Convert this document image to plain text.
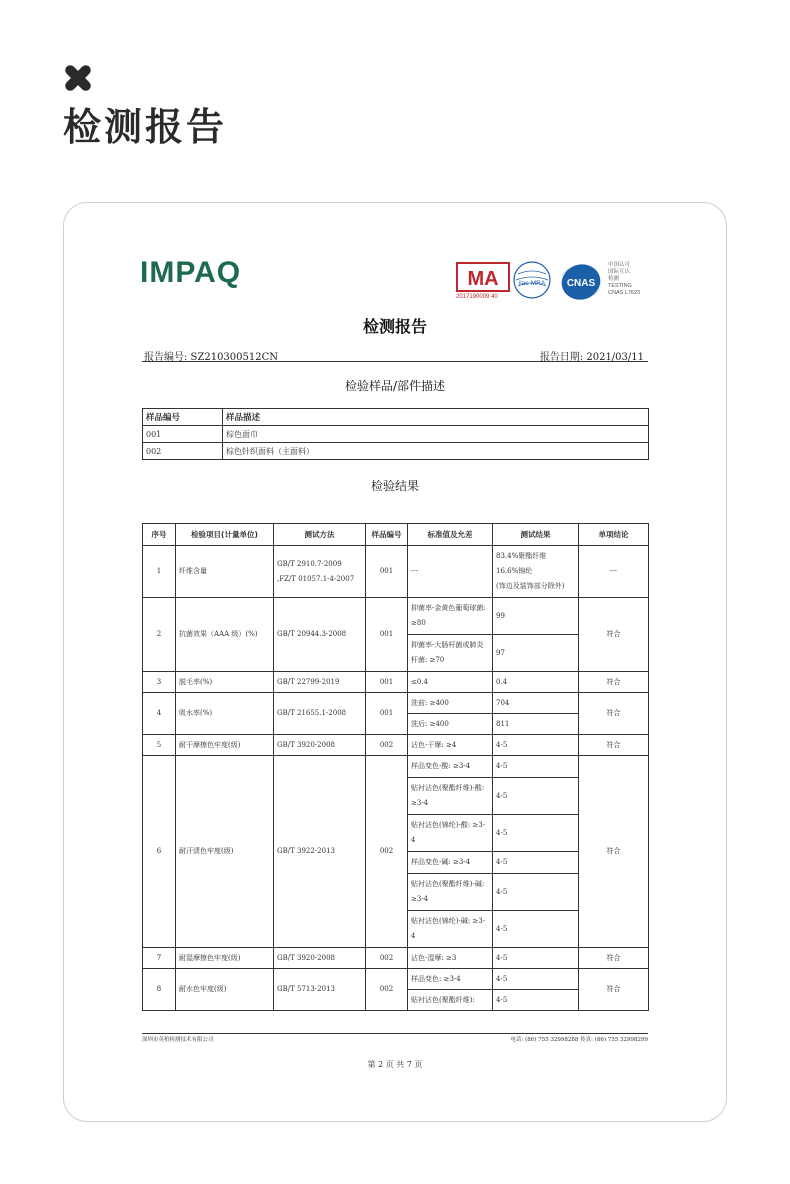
检测报告
IMPAQ	MA
2017190009 40
ilac-MRA CNAS
中国认可
国际互认
检测
TESTING
CNAS L7623
检测报告
报告编号: SZ210300512CN	报告日期: 2021/03/11
检验样品/部件描述
样品编号	样品描述
001	棕色面巾
002	棕色针织面料（主面料）
检验结果
序号	检验项目(计量单位)	测试方法	样品编号	标准值及允差	测试结果	单项结论
1	纤维含量	GB/T 2910.7-2009 ,FZ/T 01057.1-4-2007	001	---	83.4%聚酯纤维
16.6%锦纶
(饰边及装饰部分除外)	---
2	抗菌效果（AAA 级）(%)	GB/T 20944.3-2008	001	抑菌率-金黄色葡萄球菌: ≥80	99	符合
				抑菌率-大肠杆菌或肺炎杆菌: ≥70	97	
3	脱毛率(%)	GB/T 22799-2019	001	≤0.4	0.4	符合
4	吸水率(%)	GB/T 21655.1-2008	001	洗前: ≥400	704	符合
				洗后: ≥400	811	
5	耐干摩擦色牢度(级)	GB/T 3920-2008	002	沾色-干摩: ≥4	4-5	符合
6	耐汗渍色牢度(级)	GB/T 3922-2013	002	样品变色-酸: ≥3-4	4-5	符合
				贴衬沾色(聚酯纤维)-酸: ≥3-4	4-5	
				贴衬沾色(锦纶)-酸: ≥3-4	4-5	
				样品变色-碱: ≥3-4	4-5	
				贴衬沾色(聚酯纤维)-碱: ≥3-4	4-5	
				贴衬沾色(锦纶)-碱: ≥3-4	4-5	
7	耐湿摩擦色牢度(级)	GB/T 3920-2008	002	沾色-湿摩: ≥3	4-5	符合
8	耐水色牢度(级)	GB/T 5713-2013	002	样品变色: ≥3-4	4-5	符合
				贴衬沾色(聚酯纤维):	4-5	
深圳市英柏检测技术有限公司	电话: (86) 755 32998288 传真: (86) 755 32998299
第 2 页 共 7 页
